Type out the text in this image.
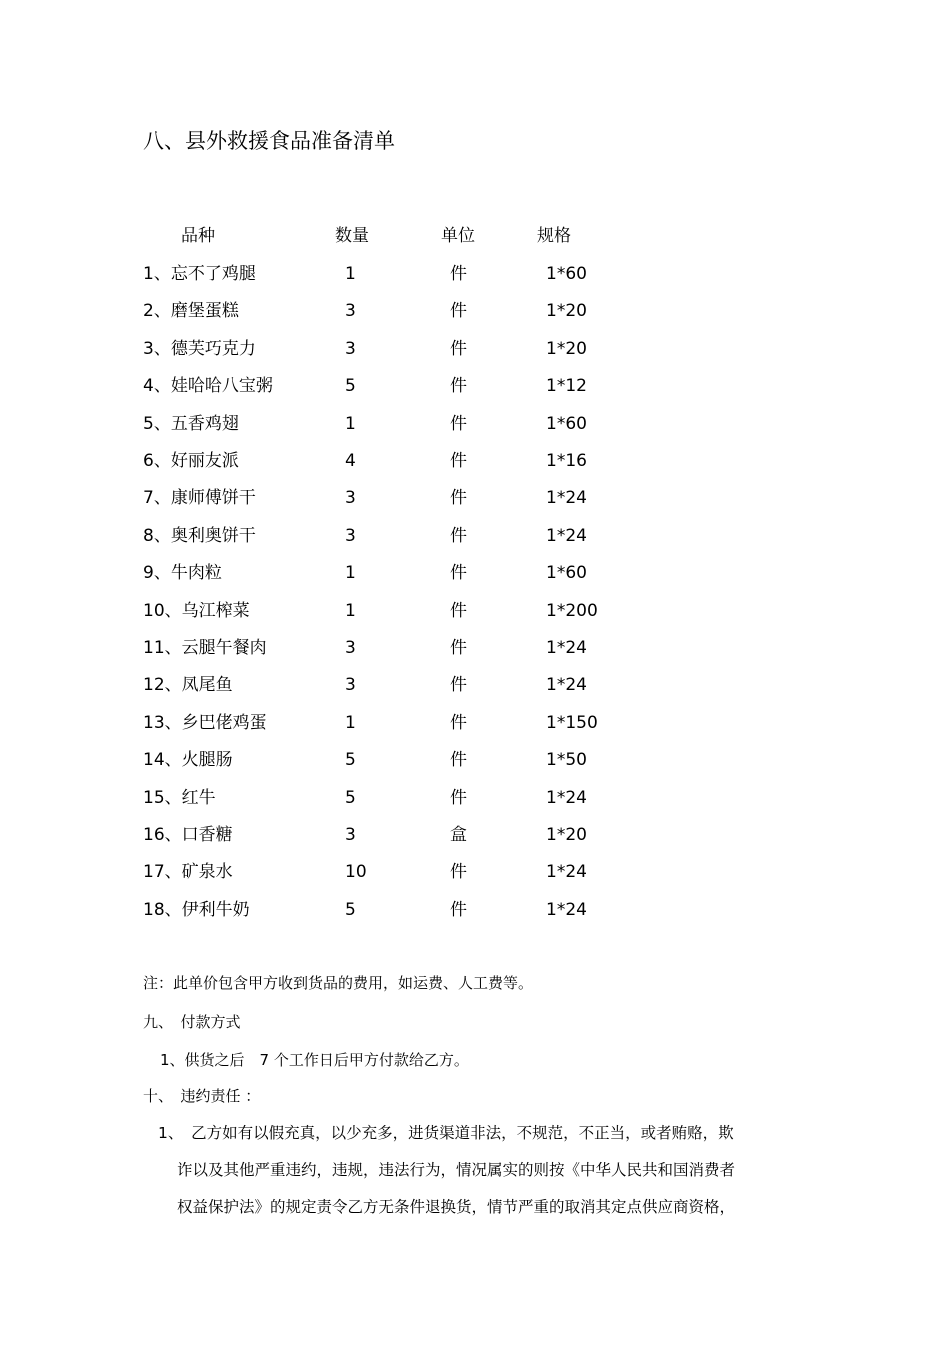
八、县外救援食品准备清单
品种	数量	单位	规格
1、忘不了鸡腿	1	件	1*60
2、磨堡蛋糕	3	件	1*20
3、德芙巧克力	3	件	1*20
4、娃哈哈八宝粥	5	件	1*12
5、五香鸡翅	1	件	1*60
6、好丽友派	4	件	1*16
7、康师傅饼干	3	件	1*24
8、奥利奥饼干	3	件	1*24
9、牛肉粒	1	件	1*60
10、乌江榨菜	1	件	1*200
11、云腿午餐肉	3	件	1*24
12、凤尾鱼	3	件	1*24
13、乡巴佬鸡蛋	1	件	1*150
14、火腿肠	5	件	1*50
15、红牛	5	件	1*24
16、口香糖	3	盒	1*20
17、矿泉水	10	件	1*24
18、伊利牛奶	5	件	1*24
注：此单价包含甲方收到货品的费用，如运费、人工费等。
九、　付款方式
1、供货之后　7 个工作日后甲方付款给乙方。
十、　违约责任 ：
1、　乙方如有以假充真，以少充多，进货渠道非法，不规范，不正当，或者贿赂，欺
诈以及其他严重违约，违规，违法行为，情况属实的则按《中华人民共和国消费者
权益保护法》的规定责令乙方无条件退换货，情节严重的取消其定点供应商资格，
